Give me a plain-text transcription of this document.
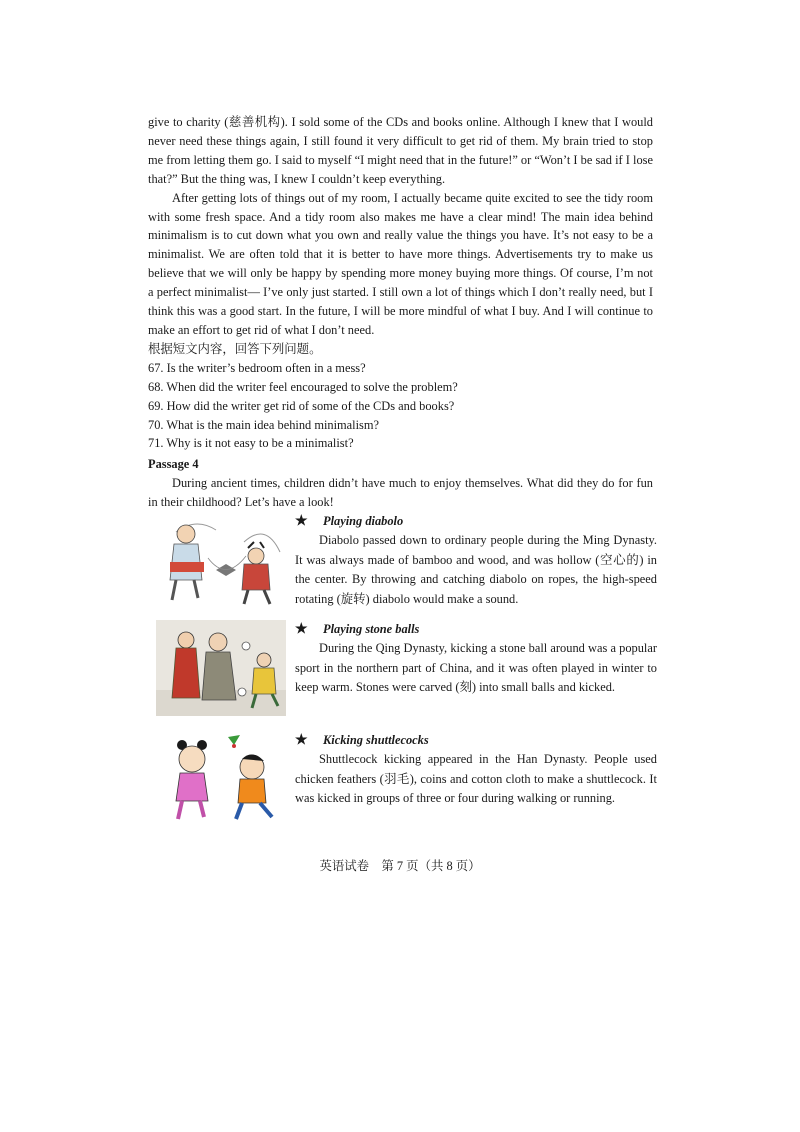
give to charity (慈善机构). I sold some of the CDs and books online. Although I knew that I would never need these things again, I still found it very difficult to get rid of them. My brain tried to stop me from letting them go. I said to myself “I might need that in the future!” or “Won’t I be sad if I lose that?” But the thing was, I knew I couldn’t keep everything.

After getting lots of things out of my room, I actually became quite excited to see the tidy room with some fresh space. And a tidy room also makes me have a clear mind! The main idea behind minimalism is to cut down what you own and really value the things you have. It’s not easy to be a minimalist. We are often told that it is better to have more things. Advertisements try to make us believe that we will only be happy by spending more money buying more things. Of course, I’m not a perfect minimalist— I’ve only just started. I still own a lot of things which I don’t really need, but I think this was a good start. In the future, I will be more mindful of what I buy. And I will continue to make an effort to get rid of what I don’t need.

根据短文内容，回答下列问题。

67. Is the writer’s bedroom often in a mess?

68. When did the writer feel encouraged to solve the problem?

69. How did the writer get rid of some of the CDs and books?

70. What is the main idea behind minimalism?

71. Why is it not easy to be a minimalist?

Passage 4

During ancient times, children didn’t have much to enjoy themselves. What did they do for fun in their childhood? Let’s have a look!

★ Playing diabolo

Diabolo passed down to ordinary people during the Ming Dynasty. It was always made of bamboo and wood, and was hollow (空心的) in the center. By throwing and catching diabolo on ropes, the high-speed rotating (旋转) diabolo would make a sound.

★ Playing stone balls

During the Qing Dynasty, kicking a stone ball around was a popular sport in the northern part of China, and it was often played in winter to keep warm. Stones were carved (刻) into small balls and kicked.

★ Kicking shuttlecocks

Shuttlecock kicking appeared in the Han Dynasty. People used chicken feathers (羽毛), coins and cotton cloth to make a shuttlecock. It was kicked in groups of three or four during walking or running.

英语试卷　第 7 页（共 8 页）
